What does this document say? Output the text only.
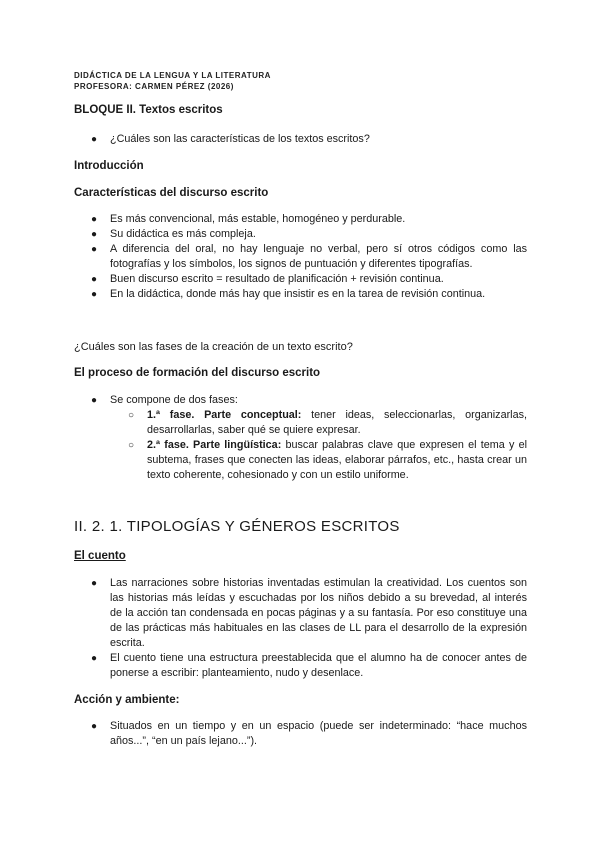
DIDÁCTICA DE LA LENGUA Y LA LITERATURA
PROFESORA: CARMEN PÉREZ (2026)
BLOQUE II. Textos escritos
● ¿Cuáles son las características de los textos escritos?
Introducción
Características del discurso escrito
● Es más convencional, más estable, homogéneo y perdurable.
● Su didáctica es más compleja.
● A diferencia del oral, no hay lenguaje no verbal, pero sí otros códigos como las fotografías y los símbolos, los signos de puntuación y diferentes tipografías.
● Buen discurso escrito = resultado de planificación + revisión continua.
● En la didáctica, donde más hay que insistir es en la tarea de revisión continua.
¿Cuáles son las fases de la creación de un texto escrito?
El proceso de formación del discurso escrito
● Se compone de dos fases:
○ 1.ª fase. Parte conceptual: tener ideas, seleccionarlas, organizarlas, desarrollarlas, saber qué se quiere expresar.
○ 2.ª fase. Parte lingüística: buscar palabras clave que expresen el tema y el subtema, frases que conecten las ideas, elaborar párrafos, etc., hasta crear un texto coherente, cohesionado y con un estilo uniforme.
II. 2. 1. TIPOLOGÍAS Y GÉNEROS ESCRITOS
El cuento
● Las narraciones sobre historias inventadas estimulan la creatividad. Los cuentos son las historias más leídas y escuchadas por los niños debido a su brevedad, al interés de la acción tan condensada en pocas páginas y a su fantasía. Por eso constituye una de las prácticas más habituales en las clases de LL para el desarrollo de la expresión escrita.
● El cuento tiene una estructura preestablecida que el alumno ha de conocer antes de ponerse a escribir: planteamiento, nudo y desenlace.
Acción y ambiente:
● Situados en un tiempo y en un espacio (puede ser indeterminado: “hace muchos años...”, “en un país lejano...”).
